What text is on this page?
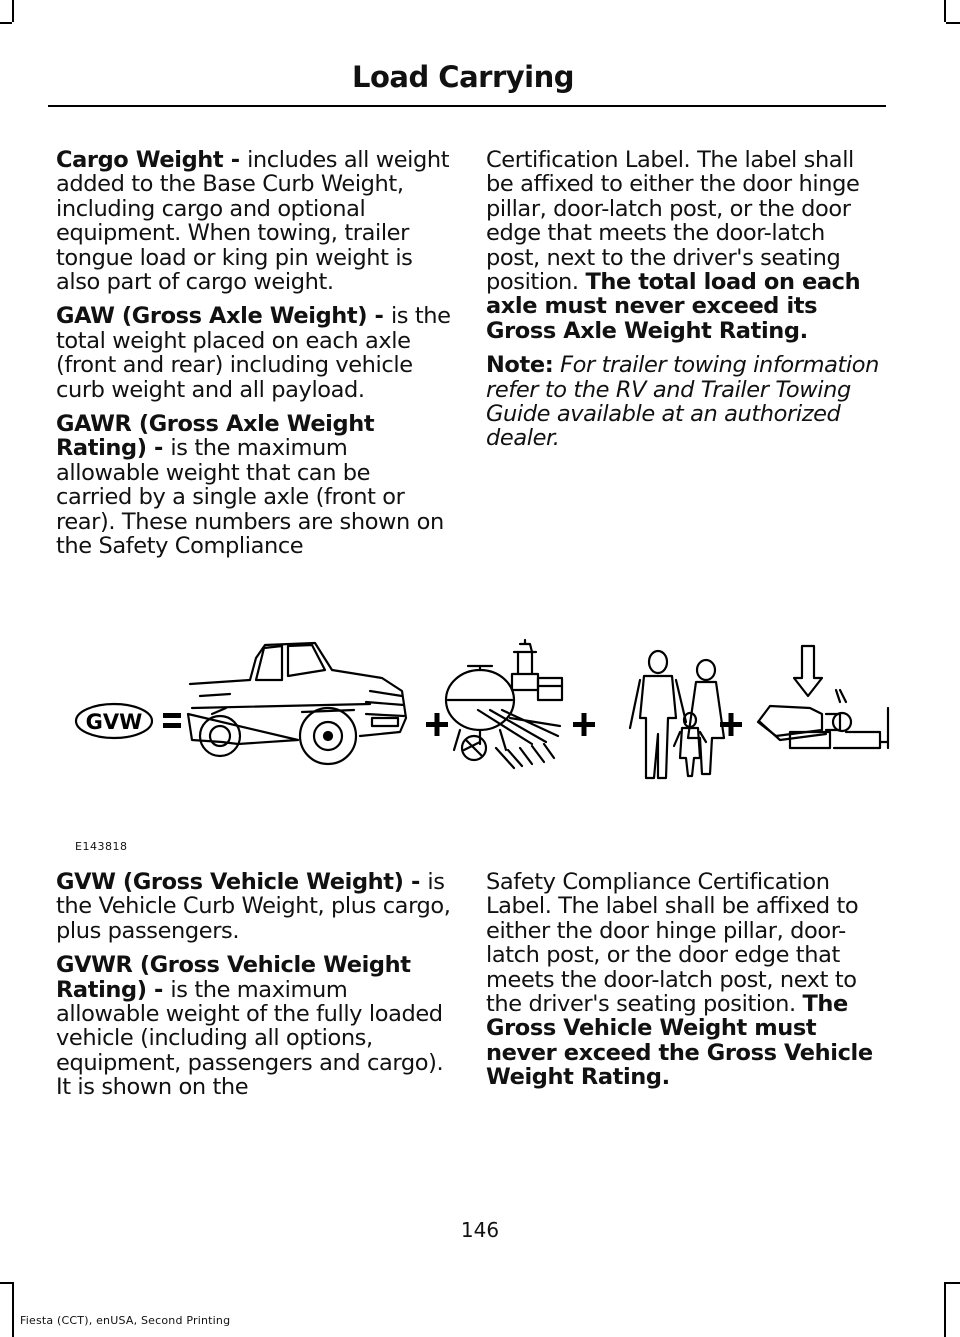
Load Carrying

Cargo Weight - includes all weight added to the Base Curb Weight, including cargo and optional equipment. When towing, trailer tongue load or king pin weight is also part of cargo weight.

GAW (Gross Axle Weight) - is the total weight placed on each axle (front and rear) including vehicle curb weight and all payload.

GAWR (Gross Axle Weight Rating) - is the maximum allowable weight that can be carried by a single axle (front or rear). These numbers are shown on the Safety Compliance

Certification Label. The label shall be affixed to either the door hinge pillar, door-latch post, or the door edge that meets the door-latch post, next to the driver's seating position. The total load on each axle must never exceed its Gross Axle Weight Rating.

Note: For trailer towing information refer to the RV and Trailer Towing Guide available at an authorized dealer.

GVW
E143818

GVW (Gross Vehicle Weight) - is the Vehicle Curb Weight, plus cargo, plus passengers.

GVWR (Gross Vehicle Weight Rating) - is the maximum allowable weight of the fully loaded vehicle (including all options, equipment, passengers and cargo). It is shown on the

Safety Compliance Certification Label. The label shall be affixed to either the door hinge pillar, door-latch post, or the door edge that meets the door-latch post, next to the driver's seating position. The Gross Vehicle Weight must never exceed the Gross Vehicle Weight Rating.

146
Fiesta (CCT), enUSA, Second Printing
